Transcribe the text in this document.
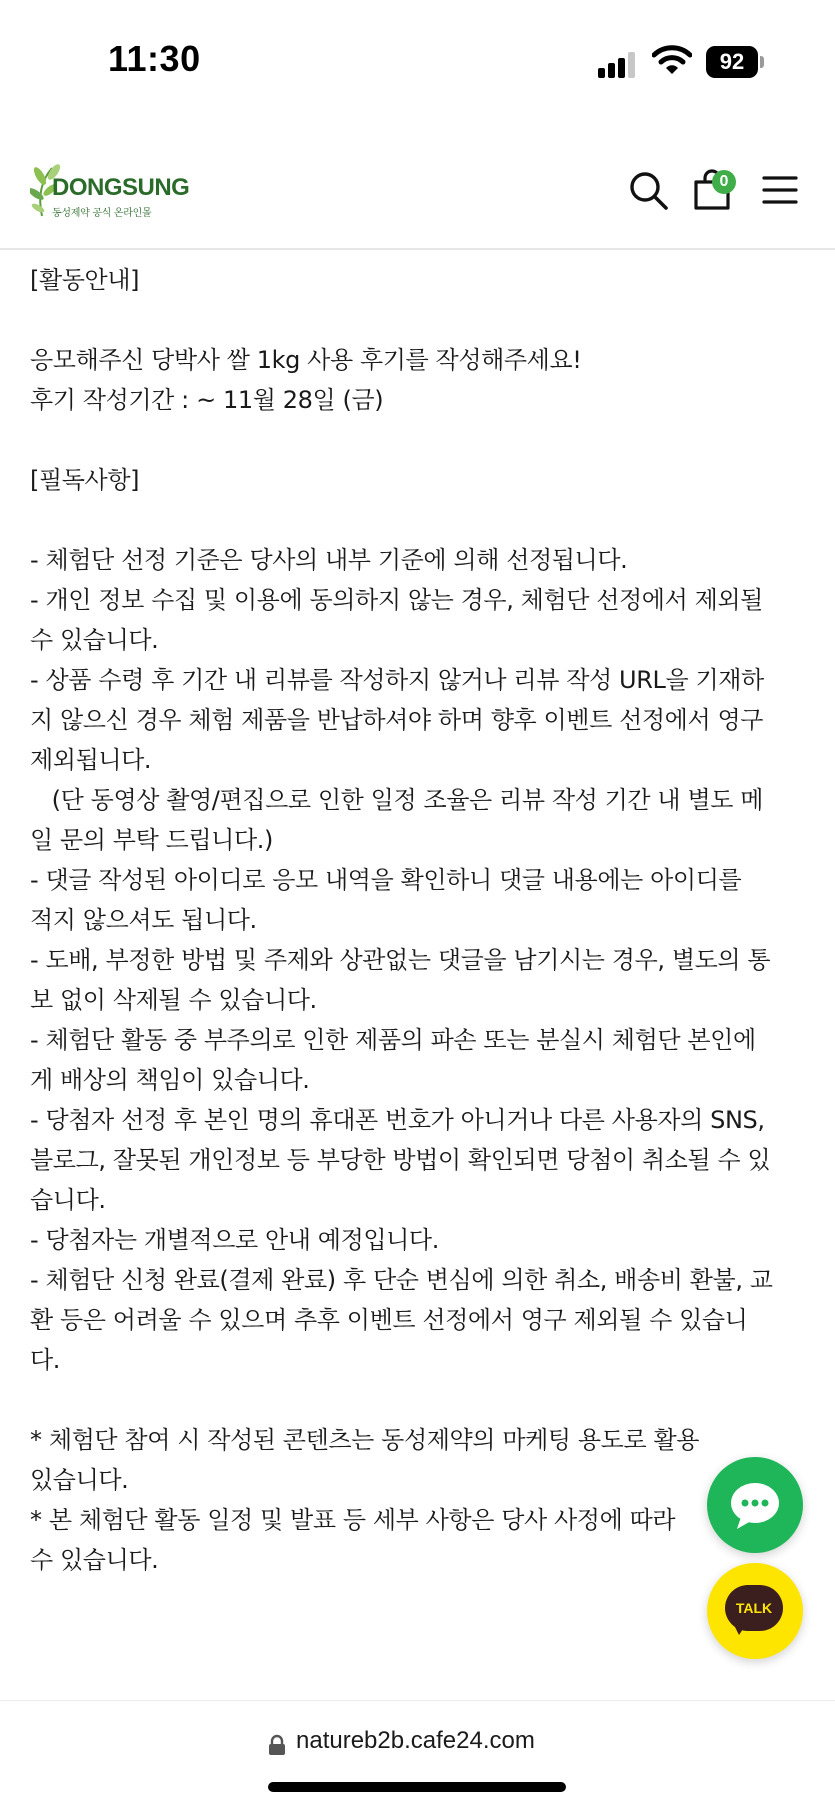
11:30	92
DONGSUNG
동성제약 공식 온라인몰
0
[활동안내]
응모해주신 당박사 쌀 1kg 사용 후기를 작성해주세요!
후기 작성기간 : ~ 11월 28일 (금)
[필독사항]
- 체험단 선정 기준은 당사의 내부 기준에 의해 선정됩니다.
- 개인 정보 수집 및 이용에 동의하지 않는 경우, 체험단 선정에서 제외될
수 있습니다.
- 상품 수령 후 기간 내 리뷰를 작성하지 않거나 리뷰 작성 URL을 기재하
지 않으신 경우 체험 제품을 반납하셔야 하며 향후 이벤트 선정에서 영구
제외됩니다.
(단 동영상 촬영/편집으로 인한 일정 조율은 리뷰 작성 기간 내 별도 메
일 문의 부탁 드립니다.)
- 댓글 작성된 아이디로 응모 내역을 확인하니 댓글 내용에는 아이디를
적지 않으셔도 됩니다.
- 도배, 부정한 방법 및 주제와 상관없는 댓글을 남기시는 경우, 별도의 통
보 없이 삭제될 수 있습니다.
- 체험단 활동 중 부주의로 인한 제품의 파손 또는 분실시 체험단 본인에
게 배상의 책임이 있습니다.
- 당첨자 선정 후 본인 명의 휴대폰 번호가 아니거나 다른 사용자의 SNS,
블로그, 잘못된 개인정보 등 부당한 방법이 확인되면 당첨이 취소될 수 있
습니다.
- 당첨자는 개별적으로 안내 예정입니다.
- 체험단 신청 완료(결제 완료) 후 단순 변심에 의한 취소, 배송비 환불, 교
환 등은 어려울 수 있으며 추후 이벤트 선정에서 영구 제외될 수 있습니
다.
* 체험단 참여 시 작성된 콘텐츠는 동성제약의 마케팅 용도로 활용
있습니다.
* 본 체험단 활동 일정 및 발표 등 세부 사항은 당사 사정에 따라
수 있습니다.
TALK
natureb2b.cafe24.com
